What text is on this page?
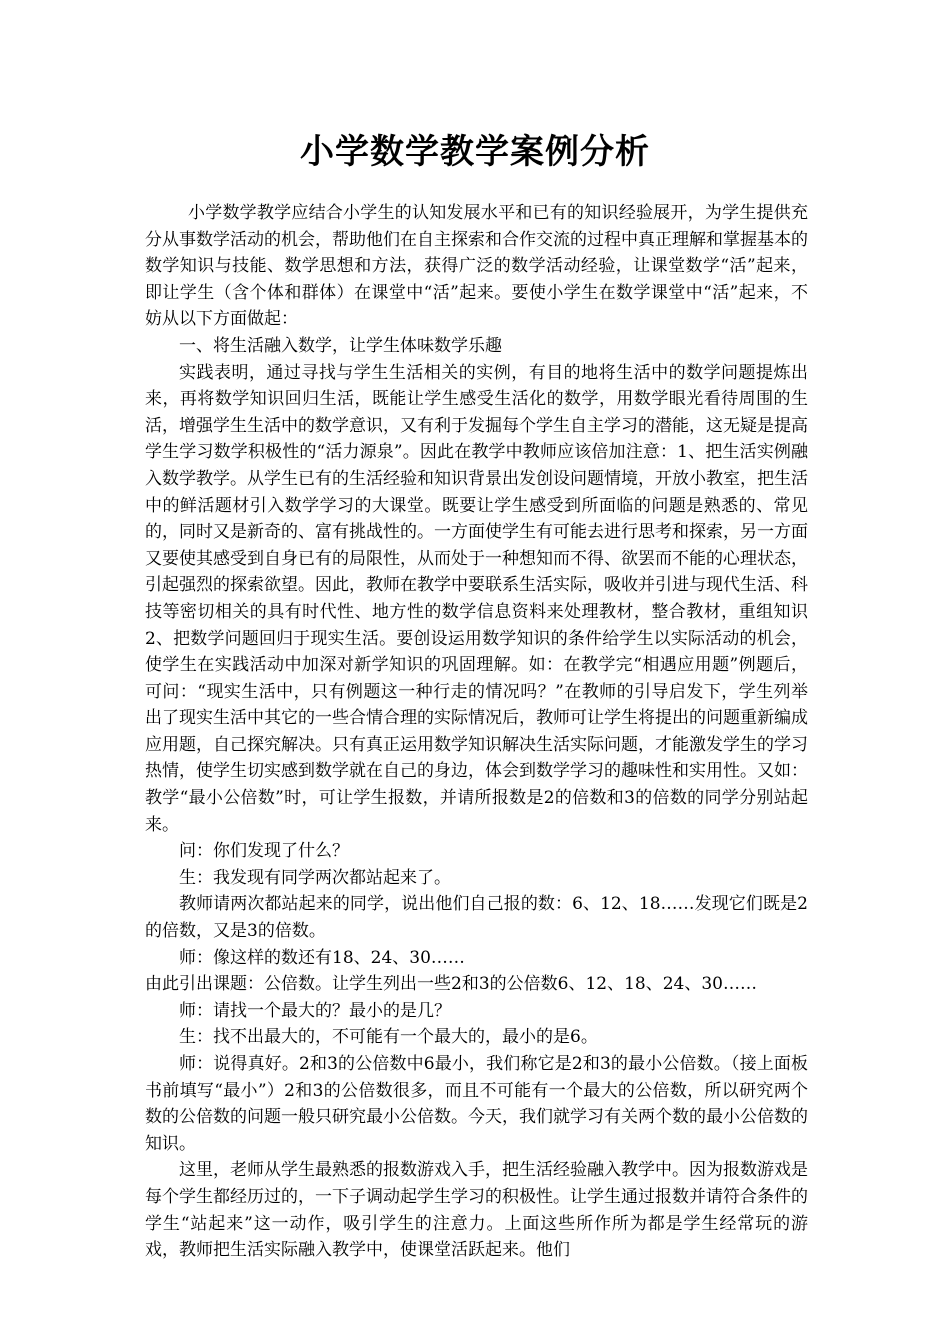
小学数学教学案例分析

小学数学教学应结合小学生的认知发展水平和已有的知识经验展开，为学生提供充分从事数学活动的机会，帮助他们在自主探索和合作交流的过程中真正理解和掌握基本的数学知识与技能、数学思想和方法，获得广泛的数学活动经验，让课堂数学“活”起来，即让学生（含个体和群体）在课堂中“活”起来。要使小学生在数学课堂中“活”起来，不妨从以下方面做起：

一、将生活融入数学，让学生体味数学乐趣

实践表明，通过寻找与学生生活相关的实例，有目的地将生活中的数学问题提炼出来，再将数学知识回归生活，既能让学生感受生活化的数学，用数学眼光看待周围的生活，增强学生生活中的数学意识，又有利于发掘每个学生自主学习的潜能，这无疑是提高学生学习数学积极性的“活力源泉”。因此在教学中教师应该倍加注意：1、把生活实例融入数学教学。从学生已有的生活经验和知识背景出发创设问题情境，开放小教室，把生活中的鲜活题材引入数学学习的大课堂。既要让学生感受到所面临的问题是熟悉的、常见的，同时又是新奇的、富有挑战性的。一方面使学生有可能去进行思考和探索，另一方面又要使其感受到自身已有的局限性，从而处于一种想知而不得、欲罢而不能的心理状态，引起强烈的探索欲望。因此，教师在教学中要联系生活实际，吸收并引进与现代生活、科技等密切相关的具有时代性、地方性的数学信息资料来处理教材，整合教材，重组知识2、把数学问题回归于现实生活。要创设运用数学知识的条件给学生以实际活动的机会，使学生在实践活动中加深对新学知识的巩固理解。如：在教学完“相遇应用题”例题后，可问：“现实生活中，只有例题这一种行走的情况吗？”在教师的引导启发下，学生列举出了现实生活中其它的一些合情合理的实际情况后，教师可让学生将提出的问题重新编成应用题，自己探究解决。只有真正运用数学知识解决生活实际问题，才能激发学生的学习热情，使学生切实感到数学就在自己的身边，体会到数学学习的趣味性和实用性。又如：教学“最小公倍数”时，可让学生报数，并请所报数是2的倍数和3的倍数的同学分别站起来。

问：你们发现了什么？

生：我发现有同学两次都站起来了。

教师请两次都站起来的同学，说出他们自己报的数：6、12、18……发现它们既是2的倍数，又是3的倍数。

师：像这样的数还有18、24、30……

由此引出课题：公倍数。让学生列出一些2和3的公倍数6、12、18、24、30……

师：请找一个最大的？最小的是几？

生：找不出最大的，不可能有一个最大的，最小的是6。

师：说得真好。2和3的公倍数中6最小，我们称它是2和3的最小公倍数。（接上面板书前填写“最小”）2和3的公倍数很多，而且不可能有一个最大的公倍数，所以研究两个数的公倍数的问题一般只研究最小公倍数。今天，我们就学习有关两个数的最小公倍数的知识。

这里，老师从学生最熟悉的报数游戏入手，把生活经验融入教学中。因为报数游戏是每个学生都经历过的，一下子调动起学生学习的积极性。让学生通过报数并请符合条件的学生“站起来”这一动作，吸引学生的注意力。上面这些所作所为都是学生经常玩的游戏，教师把生活实际融入教学中，使课堂活跃起来。他们
